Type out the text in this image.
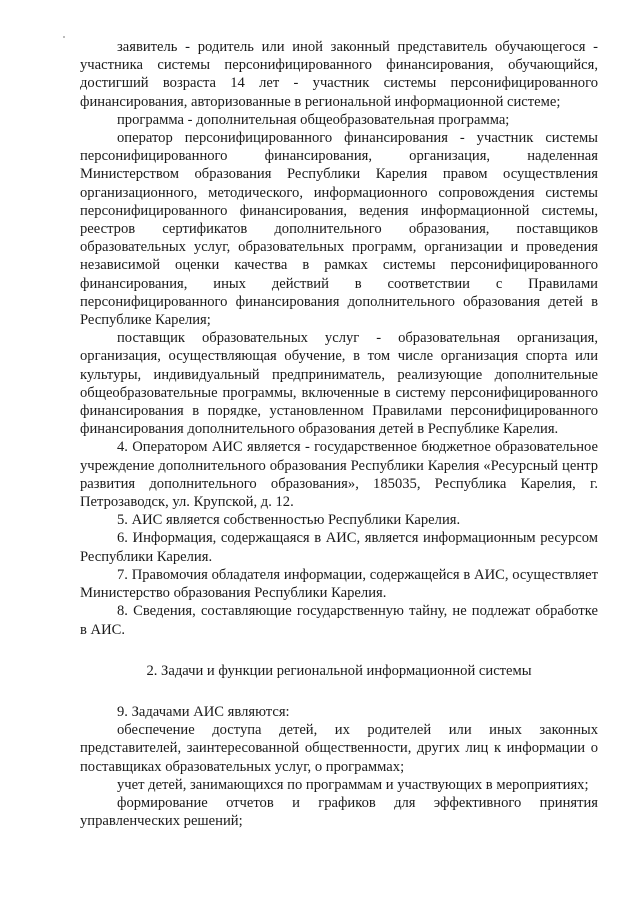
заявитель - родитель или иной законный представитель обучающегося - участника системы персонифицированного финансирования, обучающийся, достигший возраста 14 лет - участник системы персонифицированного финансирования, авторизованные в региональной информационной системе;

программа - дополнительная общеобразовательная программа;

оператор персонифицированного финансирования - участник системы персонифицированного финансирования, организация, наделенная Министерством образования Республики Карелия правом осуществления организационного, методического, информационного сопровождения системы персонифицированного финансирования, ведения информационной системы, реестров сертификатов дополнительного образования, поставщиков образовательных услуг, образовательных программ, организации и проведения независимой оценки качества в рамках системы персонифицированного финансирования, иных действий в соответствии с Правилами персонифицированного финансирования дополнительного образования детей в Республике Карелия;

поставщик образовательных услуг - образовательная организация, организация, осуществляющая обучение, в том числе организация спорта или культуры, индивидуальный предприниматель, реализующие дополнительные общеобразовательные программы, включенные в систему персонифицированного финансирования в порядке, установленном Правилами персонифицированного финансирования дополнительного образования детей в Республике Карелия.

4. Оператором АИС является - государственное бюджетное образовательное учреждение дополнительного образования Республики Карелия «Ресурсный центр развития дополнительного образования», 185035, Республика Карелия, г. Петрозаводск, ул. Крупской, д. 12.

5. АИС является собственностью Республики Карелия.

6. Информация, содержащаяся в АИС, является информационным ресурсом Республики Карелия.

7. Правомочия обладателя информации, содержащейся в АИС, осуществляет Министерство образования Республики Карелия.

8. Сведения, составляющие государственную тайну, не подлежат обработке в АИС.

2. Задачи и функции региональной информационной системы

9. Задачами АИС являются:

обеспечение доступа детей, их родителей или иных законных представителей, заинтересованной общественности, других лиц к информации о поставщиках образовательных услуг, о программах;

учет детей, занимающихся по программам и участвующих в мероприятиях;

формирование отчетов и графиков для эффективного принятия управленческих решений;
